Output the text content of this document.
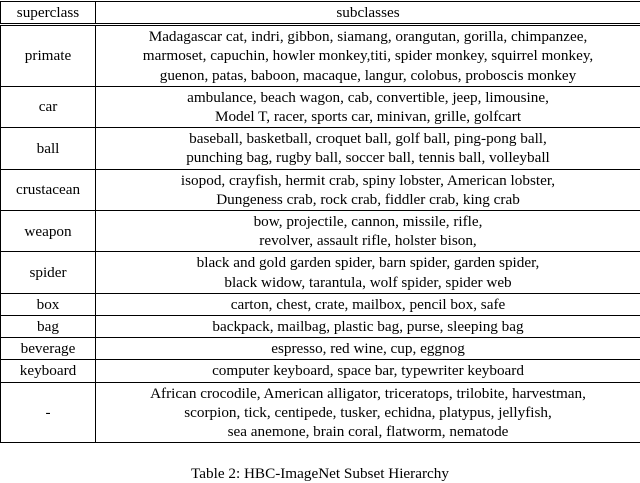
superclass	subclasses
primate	Madagascar cat, indri, gibbon, siamang, orangutan, gorilla, chimpanzee,
marmoset, capuchin, howler monkey,titi, spider monkey, squirrel monkey,
guenon, patas, baboon, macaque, langur, colobus, proboscis monkey

car	ambulance, beach wagon, cab, convertible, jeep, limousine,
Model T, racer, sports car, minivan, grille, golfcart

ball	baseball, basketball, croquet ball, golf ball, ping-pong ball,
punching bag, rugby ball, soccer ball, tennis ball, volleyball

crustacean	isopod, crayfish, hermit crab, spiny lobster, American lobster,
Dungeness crab, rock crab, fiddler crab, king crab

weapon	bow, projectile, cannon, missile, rifle,
revolver, assault rifle, holster bison,

spider	black and gold garden spider, barn spider, garden spider,
black widow, tarantula, wolf spider, spider web

box	carton, chest, crate, mailbox, pencil box, safe

bag	backpack, mailbag, plastic bag, purse, sleeping bag

beverage	espresso, red wine, cup, eggnog

keyboard	computer keyboard, space bar, typewriter keyboard

-	African crocodile, American alligator, triceratops, trilobite, harvestman,
scorpion, tick, centipede, tusker, echidna, platypus, jellyfish,
sea anemone, brain coral, flatworm, nematode
Table 2: HBC-ImageNet Subset Hierarchy
